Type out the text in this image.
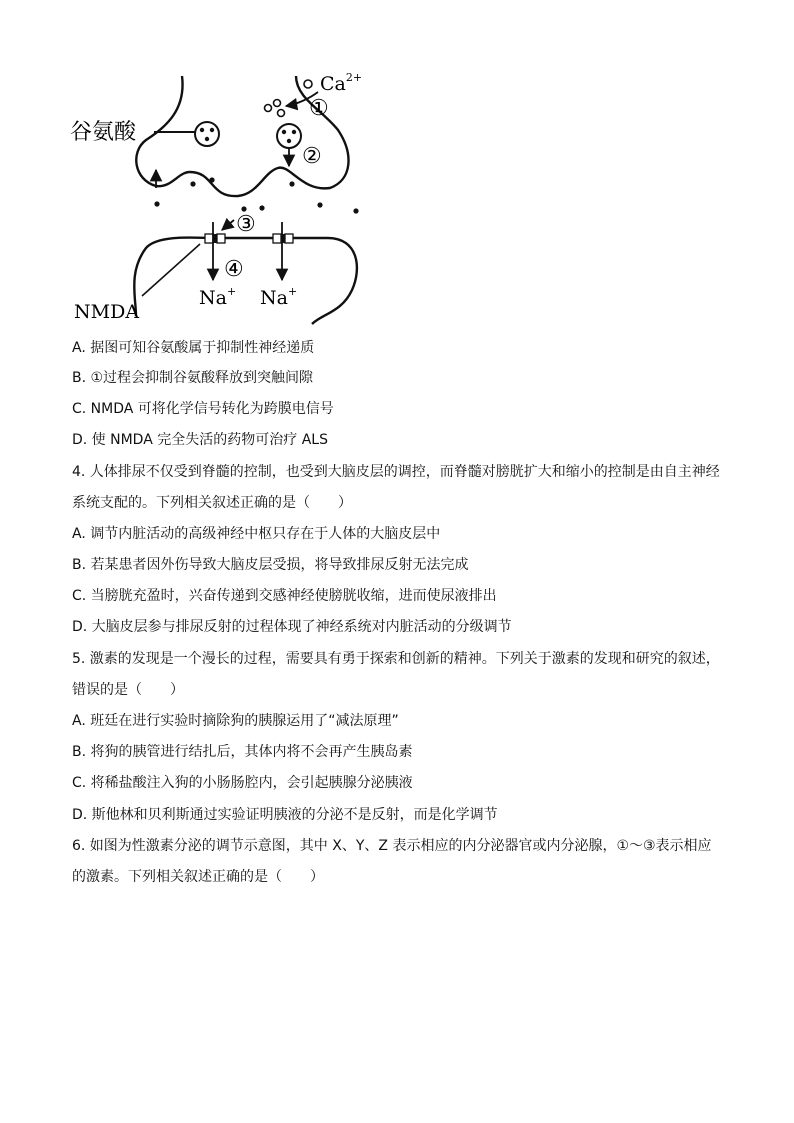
谷氨酸
$Ca^{2+}$
①
②
③
④
NMDA
Na+ Na+
A. 据图可知谷氨酸属于抑制性神经递质
B. ①过程会抑制谷氨酸释放到突触间隙
C. NMDA 可将化学信号转化为跨膜电信号
D. 使 NMDA 完全失活的药物可治疗 ALS
4. 人体排尿不仅受到脊髓的控制，也受到大脑皮层的调控，而脊髓对膀胱扩大和缩小的控制是由自主神经
系统支配的。下列相关叙述正确的是（　　）
A. 调节内脏活动的高级神经中枢只存在于人体的大脑皮层中
B. 若某患者因外伤导致大脑皮层受损，将导致排尿反射无法完成
C. 当膀胱充盈时，兴奋传递到交感神经使膀胱收缩，进而使尿液排出
D. 大脑皮层参与排尿反射的过程体现了神经系统对内脏活动的分级调节
5. 激素的发现是一个漫长的过程，需要具有勇于探索和创新的精神。下列关于激素的发现和研究的叙述，
错误的是（　　）
A. 班廷在进行实验时摘除狗的胰腺运用了“减法原理”
B. 将狗的胰管进行结扎后，其体内将不会再产生胰岛素
C. 将稀盐酸注入狗的小肠肠腔内，会引起胰腺分泌胰液
D. 斯他林和贝利斯通过实验证明胰液的分泌不是反射，而是化学调节
6. 如图为性激素分泌的调节示意图，其中 X、Y、Z 表示相应的内分泌器官或内分泌腺，①～③表示相应
的激素。下列相关叙述正确的是（　　）
